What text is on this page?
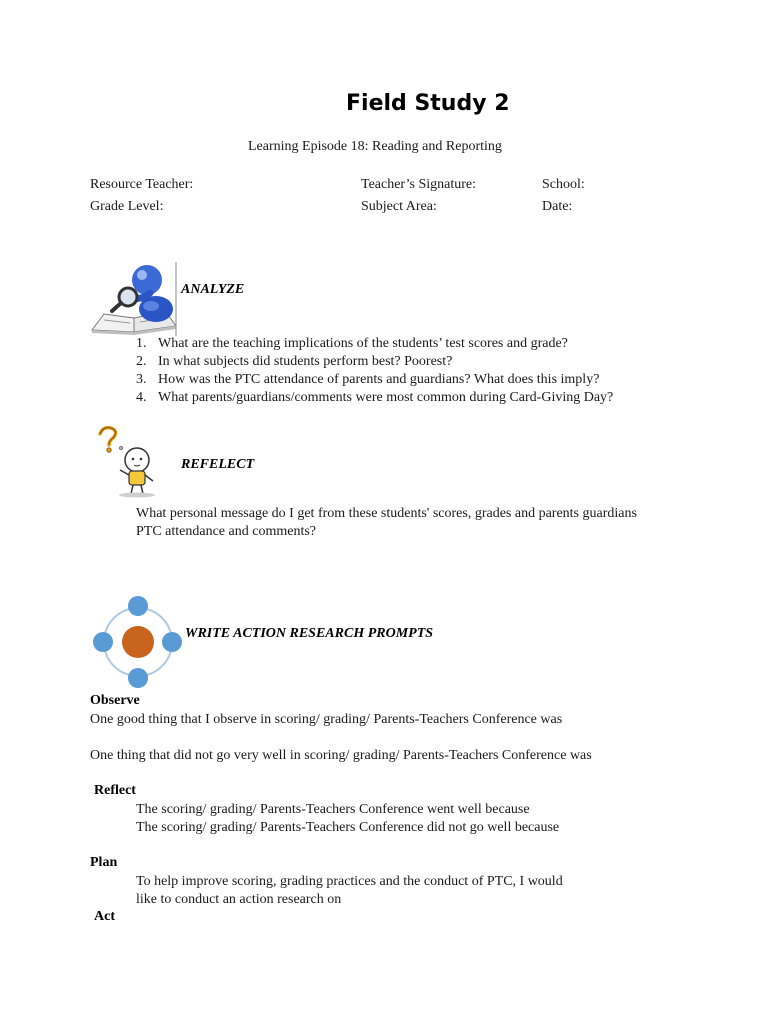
Field Study 2
Learning Episode 18: Reading and Reporting
Resource Teacher:	Teacher’s Signature:	School:
Grade Level:	Subject Area:	Date:
ANALYZE
1. What are the teaching implications of the students’ test scores and grade?
2. In what subjects did students perform best? Poorest?
3. How was the PTC attendance of parents and guardians? What does this imply?
4. What parents/guardians/comments were most common during Card-Giving Day?
REFELECT
What personal message do I get from these students' scores, grades and parents guardians
PTC attendance and comments?
WRITE ACTION RESEARCH PROMPTS
Observe
One good thing that I observe in scoring/ grading/ Parents-Teachers Conference was
One thing that did not go very well in scoring/ grading/ Parents-Teachers Conference was
Reflect
The scoring/ grading/ Parents-Teachers Conference went well because
The scoring/ grading/ Parents-Teachers Conference did not go well because
Plan
To help improve scoring, grading practices and the conduct of PTC, I would
like to conduct an action research on
Act
